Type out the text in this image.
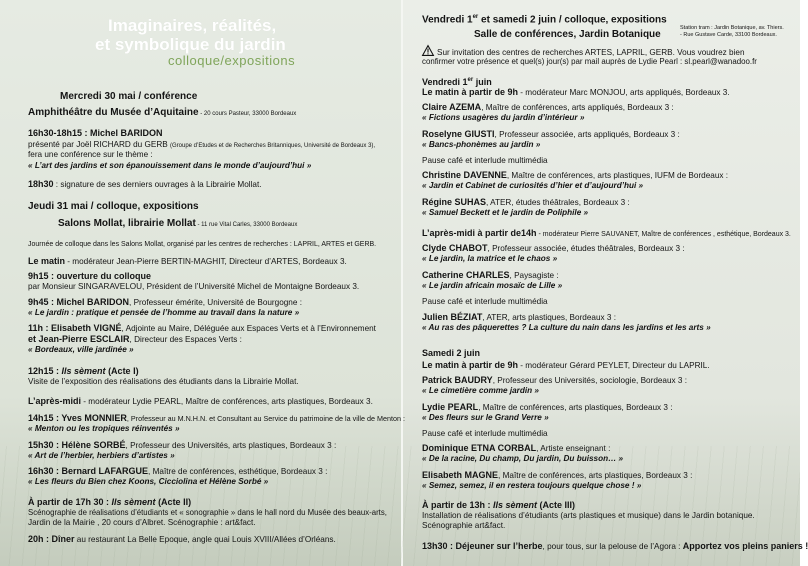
Imaginaires, réalités,
et symbolique du jardin
colloque/expositions
Mercredi 30 mai / conférence
Amphithéâtre du Musée d’Aquitaine - 20 cours Pasteur, 33000 Bordeaux
16h30-18h15 : Michel BARIDON
présenté par Joël RICHARD du GERB (Groupe d’Etudes et de Recherches Britanniques, Université de Bordeaux 3),
fera une conférence sur le thème :
« L’art des jardins et son épanouissement dans le monde d’aujourd’hui »
18h30 : signature de ses derniers ouvrages à la Librairie Mollat.
Jeudi 31 mai / colloque, expositions
Salons Mollat, librairie Mollat - 11 rue Vital Carles, 33000 Bordeaux
Journée de colloque dans les Salons Mollat, organisé par les centres de recherches : LAPRIL, ARTES et GERB.
Le matin - modérateur Jean-Pierre BERTIN-MAGHIT, Directeur d’ARTES, Bordeaux 3.
9h15 : ouverture du colloque
par Monsieur SINGARAVELOU, Président de l’Université Michel de Montaigne Bordeaux 3.
9h45 : Michel BARIDON, Professeur émérite, Université de Bourgogne :
« Le jardin : pratique et pensée de l’homme au travail dans la nature »
11h : Elisabeth VIGNÉ, Adjointe au Maire, Déléguée aux Espaces Verts et à l’Environnement
et Jean-Pierre ESCLAIR, Directeur des Espaces Verts :
« Bordeaux, ville jardinée »
12h15 : Ils sèment (Acte I)
Visite de l’exposition des réalisations des étudiants dans la Librairie Mollat.
L’après-midi - modérateur Lydie PEARL, Maître de conférences, arts plastiques, Bordeaux 3.
14h15 : Yves MONNIER, Professeur au M.N.H.N. et Consultant au Service du patrimoine de la ville de Menton :
« Menton ou les tropiques réinventés »
15h30 : Hélène SORBÉ, Professeur des Universités, arts plastiques, Bordeaux 3 :
« Art de l’herbier, herbiers d’artistes »
16h30 : Bernard LAFARGUE, Maître de conférences, esthétique, Bordeaux 3 :
« Les fleurs du Bien chez Koons, Cicciolina et Hélène Sorbé »
À partir de 17h 30 : Ils sèment (Acte II)
Scénographie de réalisations d’étudiants et « sonographie » dans le hall nord du Musée des beaux-arts,
Jardin de la Mairie , 20 cours d’Albret. Scénographie : art&fact.
20h : Dîner au restaurant La Belle Epoque, angle quai Louis XVIII/Allées d’Orléans.
Vendredi 1er et samedi 2 juin / colloque, expositions
Station tram : Jardin Botanique, av. Thiers.
Salle de conférences, Jardin Botanique	- Rue Gustave Carde, 33100 Bordeaux.
Sur invitation des centres de recherches ARTES, LAPRIL, GERB. Vous voudrez bien
confirmer votre présence et quel(s) jour(s) par mail auprès de Lydie Pearl : sl.pearl@wanadoo.fr
Vendredi 1er juin
Le matin à partir de 9h - modérateur Marc MONJOU, arts appliqués, Bordeaux 3.
Claire AZEMA, Maître de conférences, arts appliqués, Bordeaux 3 :
« Fictions usagères du jardin d’intérieur »
Roselyne GIUSTI, Professeur associée, arts appliqués, Bordeaux 3 :
« Bancs-phonèmes au jardin »
Pause café et interlude multimédia
Christine DAVENNE, Maître de conférences, arts plastiques, IUFM de Bordeaux :
« Jardin et Cabinet de curiosités d’hier et d’aujourd’hui »
Régine SUHAS, ATER, études théâtrales, Bordeaux 3 :
« Samuel Beckett et le jardin de Poliphile »
L’après-midi à partir de14h - modérateur Pierre SAUVANET, Maître de conférences , esthétique, Bordeaux 3.
Clyde CHABOT, Professeur associée, études théâtrales, Bordeaux 3 :
« Le jardin, la matrice et le chaos »
Catherine CHARLES, Paysagiste :
« Le jardin africain mosaïc de Lille »
Pause café et interlude multimédia
Julien BÉZIAT, ATER, arts plastiques, Bordeaux 3 :
« Au ras des pâquerettes ? La culture du nain dans les jardins et les arts »
Samedi 2 juin
Le matin à partir de 9h - modérateur Gérard PEYLET, Directeur du LAPRIL.
Patrick BAUDRY, Professeur des Universités, sociologie, Bordeaux 3 :
« Le cimetière comme jardin »
Lydie PEARL, Maître de conférences, arts plastiques, Bordeaux 3 :
« Des fleurs sur le Grand Verre »
Pause café et interlude multimédia
Dominique ETNA CORBAL, Artiste enseignant :
« De la racine, Du champ, Du jardin, Du buisson… »
Elisabeth MAGNE, Maître de conférences, arts plastiques, Bordeaux 3 :
« Semez, semez, il en restera toujours quelque chose ! »
À partir de 13h : Ils sèment (Acte III)
Installation de réalisations d’étudiants (arts plastiques et musique) dans le Jardin botanique.
Scénographie art&fact.
13h30 : Déjeuner sur l’herbe, pour tous, sur la pelouse de l’Agora : Apportez vos pleins paniers !
